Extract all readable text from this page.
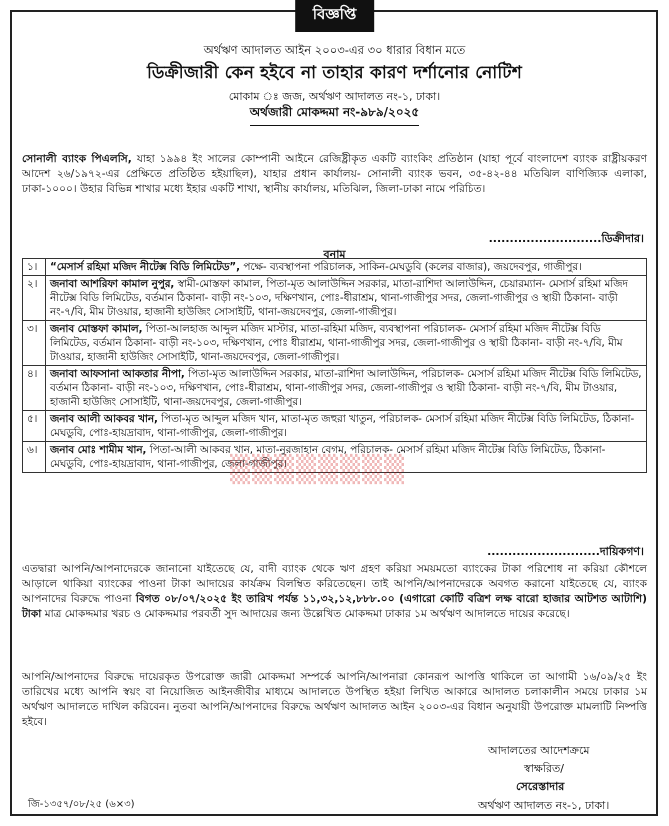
বিজ্ঞপ্তি
অর্থঋণ আদালত আইন ২০০৩-এর ৩০ ধারার বিধান মতে
ডিক্রীজারী কেন হইবে না তাহার কারণ দর্শানোর নোটিশ
মোকাম ঃ জজ, অর্থঋণ আদালত নং-১, ঢাকা।
অর্থজারী মোকদ্দমা নং-৯৮৯/২০২৫
সোনালী ব্যাংক পিএলসি, যাহা ১৯৯৪ ইং সালের কোম্পানী আইনে রেজিষ্ট্রীকৃত একটি ব্যাংকিং প্রতিষ্ঠান (যাহা পূর্বে বাংলাদেশ ব্যাংক রাষ্ট্রীয়করণ আদেশ ২৬/১৯৭২-এর প্রেক্ষিতে প্রতিষ্ঠিত হইয়াছিল), যাহার প্রধান কার্যালয়- সোনালী ব্যাংক ভবন, ৩৫-৪২-৪৪ মতিঝিল বাণিজ্যিক এলাকা, ঢাকা-১০০০। উহার বিভিন্ন শাখার মধ্যে ইহার একটি শাখা, স্থানীয় কার্যালয়, মতিঝিল, জিলা-ঢাকা নামে পরিচিত।
...........................ডিক্রীদার।
বনাম
১।	“মেসার্স রহিমা মজিদ নীটেক্স বিডি লিমিটেড”, পক্ষে- ব্যবস্থাপনা পরিচালক, সাকিন-মেঘডুবি (কলের বাজার), জয়দেবপুর, গাজীপুর।
২।	জনাবা আশরিফা কামাল নুপুর, স্বামী-মোস্তফা কামাল, পিতা-মৃত আলাউদ্দিন সরকার, মাতা-রাশিদা আলাউদ্দিন, চেয়ারম্যান- মেসার্স রহিমা মজিদ নীটেক্স বিডি লিমিটেড, বর্তমান ঠিকানা- বাড়ী নং-১০৩, দক্ষিণখান, পোঃ-ধীরাশ্রম, থানা-গাজীপুর সদর, জেলা-গাজীপুর ও স্থায়ী ঠিকানা- বাড়ী নং-৭/বি, মীম টাওয়ার, হাজানী হাউজিং সোসাইটি, থানা-জয়দেবপুর, জেলা-গাজীপুর।
৩।	জনাব মোস্তফা কামাল, পিতা-আলহাজ আব্দুল মজিদ মাস্টার, মাতা-রহিমা মজিদ, ব্যবস্থাপনা পরিচালক- মেসার্স রহিমা মজিদ নীটেক্স বিডি লিমিটেড, বর্তমান ঠিকানা- বাড়ী নং-১০৩, দক্ষিণখান, পোঃ ধীরাশ্রম, থানা-গাজীপুর সদর, জেলা-গাজীপুর ও স্থায়ী ঠিকানা- বাড়ী নং-৭/বি, মীম টাওয়ার, হাজানী হাউজিং সোসাইটি, থানা-জয়দেবপুর, জেলা-গাজীপুর।
৪।	জনাবা আফসানা আকতার নীপা, পিতা-মৃত আলাউদ্দিন সরকার, মাতা-রাশিদা আলাউদ্দিন, পরিচালক- মেসার্স রহিমা মজিদ নীটেক্স বিডি লিমিটেড, বর্তমান ঠিকানা- বাড়ী নং-১০৩, দক্ষিণখান, পোঃ-ধীরাশ্রম, থানা-গাজীপুর সদর, জেলা-গাজীপুর ও স্থায়ী ঠিকানা- বাড়ী নং-৭/বি, মীম টাওয়ার, হাজানী হাউজিং সোসাইটি, থানা-জয়দেবপুর, জেলা-গাজীপুর।
৫।	জনাব আলী আকবর খান, পিতা-মৃত আব্দুল মজিদ খান, মাতা-মৃত জহুরা খাতুন, পরিচালক- মেসার্স রহিমা মজিদ নীটেক্স বিডি লিমিটেড, ঠিকানা- মেঘডুবি, পোঃ-হায়দ্রাবাদ, থানা-গাজীপুর, জেলা-গাজীপুর।
৬।	জনাব মোঃ শামীম খান, পিতা-আলী আকবর খান, মাতা-নুরজাহান বেগম, পরিচালক- মেসার্স রহিমা মজিদ নীটেক্স বিডি লিমিটেড, ঠিকানা- মেঘডুবি, পোঃ-হায়দ্রাবাদ, থানা-গাজীপুর, জেলা-গাজীপুর।
▒▒▒▒▒▒▒▒
...........................দায়িকগণ।
এতদ্বারা আপনি/আপনাদেরকে জানানো যাইতেছে যে, বাদী ব্যাংক থেকে ঋণ গ্রহণ করিয়া সময়মতো ব্যাংকের টাকা পরিশোধ না করিয়া কৌশলে আড়ালে থাকিয়া ব্যাংকের পাওনা টাকা আদায়ের কার্যক্রম বিলম্বিত করিতেছেন। তাই আপনি/আপনাদেরকে অবগত করানো যাইতেছে যে, ব্যাংক আপনাদের বিরুদ্ধে পাওনা বিগত ০৮/০৭/২০২৫ ইং তারিখ পর্যন্ত ১১,৩২,১২,৮৮৮.০০ (এগারো কোটি বত্রিশ লক্ষ বারো হাজার আটশত আটাশি) টাকা মাত্র মোকদ্দমার খরচ ও মোকদ্দমার পরবর্তী সুদ আদায়ের জন্য উল্লেখিত মোকদ্দমা ঢাকার ১ম অর্থঋণ আদালতে দায়ের করেছে।
আপনি/আপনাদের বিরুদ্ধে দায়েরকৃত উপরোক্ত জারী মোকদ্দমা সম্পর্কে আপনি/আপনারা কোনরূপ আপত্তি থাকিলে তা আগামী ১৬/০৯/২৫ ইং তারিখের মধ্যে আপনি স্বয়ং বা নিয়োজিত আইনজীবীর মাধ্যমে আদালতে উপস্থিত হইয়া লিখিত আকারে আদালত চলাকালীন সময়ে ঢাকার ১ম অর্থঋণ আদালতে দাখিল করিবেন। নুতবা আপনি/আপনাদের বিরুদ্ধে অর্থঋণ আদালত আইন ২০০৩-এর বিধান অনুযায়ী উপরোক্ত মামলাটি নিষ্পত্তি হইবে।
আদালতের আদেশক্রমে
স্বাক্ষরিত/
সেরেস্তাদার
অর্থঋণ আদালত নং-১, ঢাকা।
জি-১৩৫৭/০৮/২৫ (৬×৩)
